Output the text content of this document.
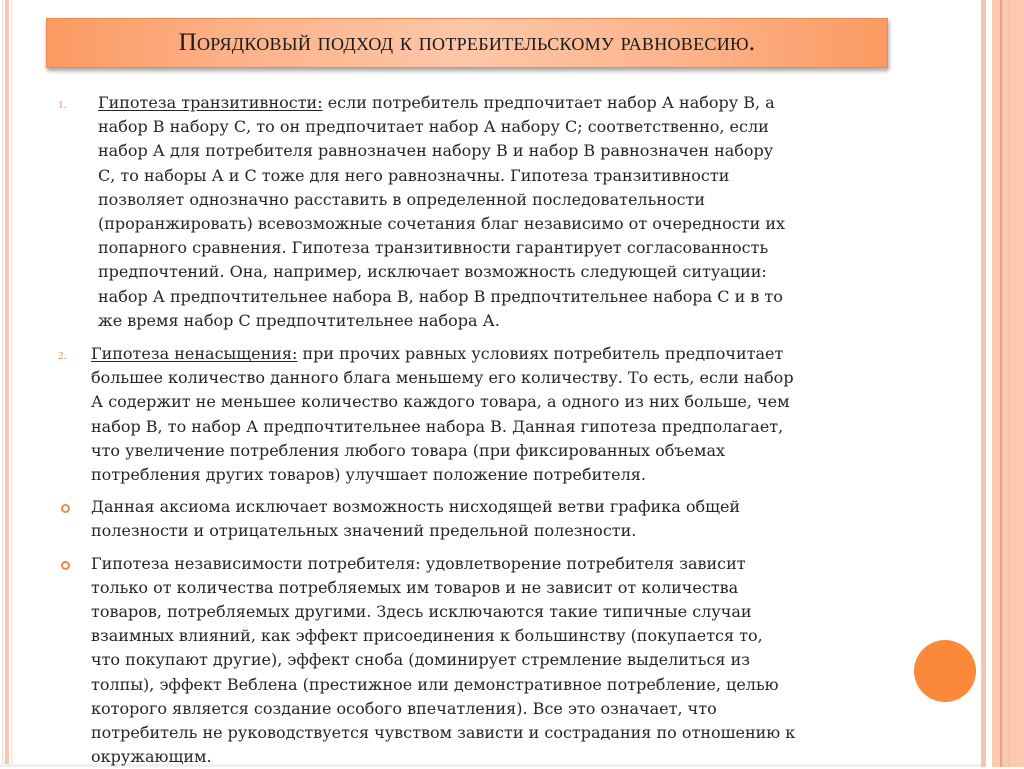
Порядковый подход к потребительскому равновесию.
1. Гипотеза транзитивности: если потребитель предпочитает набор А набору В, а
набор В набору С, то он предпочитает набор А набору С; соответственно, если
набор А для потребителя равнозначен набору В и набор В равнозначен набору
С, то наборы А и С тоже для него равнозначны. Гипотеза транзитивности
позволяет однозначно расставить в определенной последовательности
(проранжировать) всевозможные сочетания благ независимо от очередности их
попарного сравнения. Гипотеза транзитивности гарантирует согласованность
предпочтений. Она, например, исключает возможность следующей ситуации:
набор А предпочтительнее набора В, набор В предпочтительнее набора С и в то
же время набор С предпочтительнее набора А.
2. Гипотеза ненасыщения: при прочих равных условиях потребитель предпочитает
большее количество данного блага меньшему его количеству. То есть, если набор
А содержит не меньшее количество каждого товара, а одного из них больше, чем
набор В, то набор А предпочтительнее набора В. Данная гипотеза предполагает,
что увеличение потребления любого товара (при фиксированных объемах
потребления других товаров) улучшает положение потребителя.
Данная аксиома исключает возможность нисходящей ветви графика общей
полезности и отрицательных значений предельной полезности.
Гипотеза независимости потребителя: удовлетворение потребителя зависит
только от количества потребляемых им товаров и не зависит от количества
товаров, потребляемых другими. Здесь исключаются такие типичные случаи
взаимных влияний, как эффект присоединения к большинству (покупается то,
что покупают другие), эффект сноба (доминирует стремление выделиться из
толпы), эффект Веблена (престижное или демонстративное потребление, целью
которого является создание особого впечатления). Все это означает, что
потребитель не руководствуется чувством зависти и сострадания по отношению к
окружающим.
